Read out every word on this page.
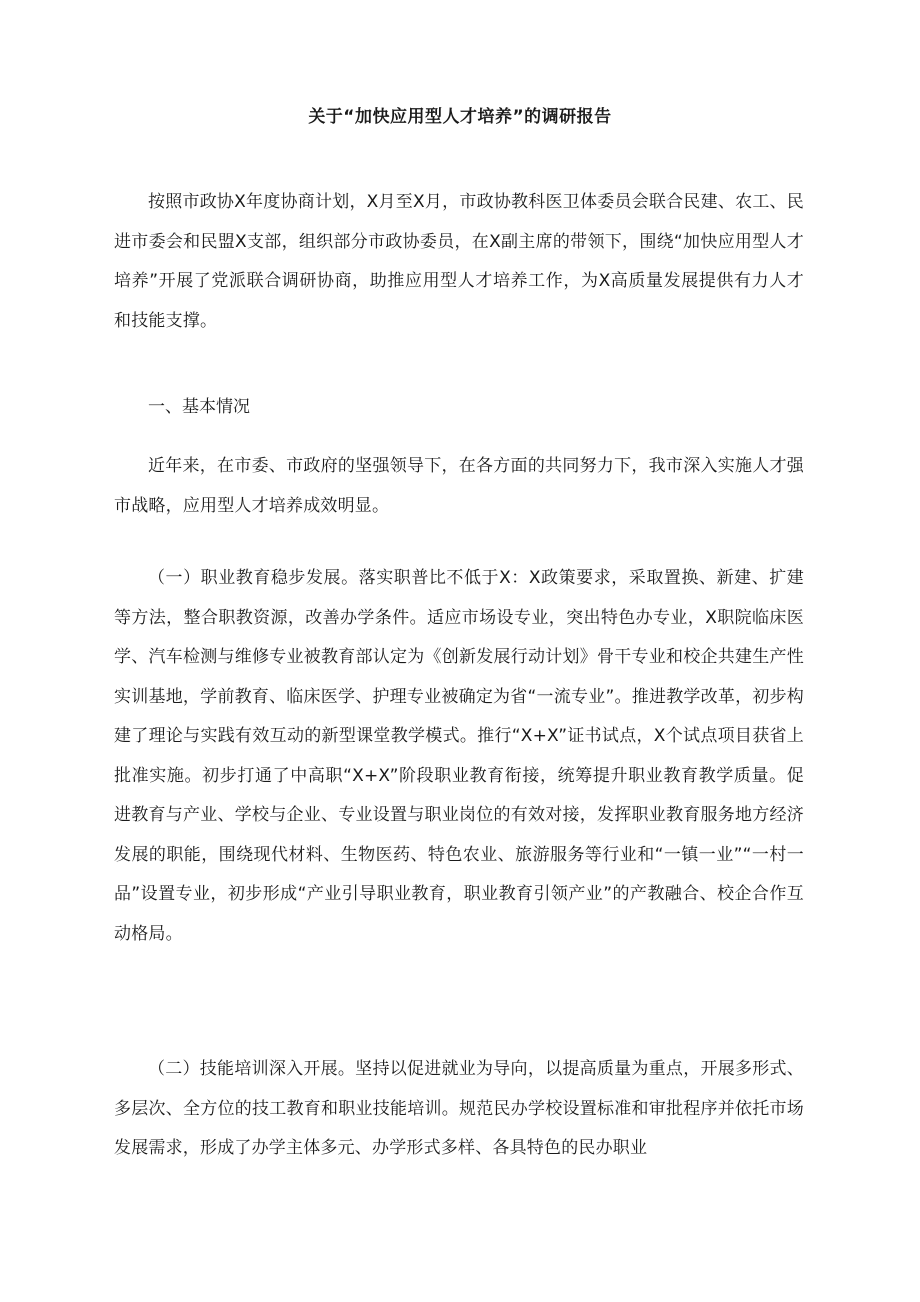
关于“加快应用型人才培养”的调研报告

按照市政协X年度协商计划，X月至X月，市政协教科医卫体委员会联合民建、农工、民进市委会和民盟X支部，组织部分市政协委员，在X副主席的带领下，围绕“加快应用型人才培养”开展了党派联合调研协商，助推应用型人才培养工作，为X高质量发展提供有力人才和技能支撑。

一、基本情况

近年来，在市委、市政府的坚强领导下，在各方面的共同努力下，我市深入实施人才强市战略，应用型人才培养成效明显。

（一）职业教育稳步发展。落实职普比不低于X：X政策要求，采取置换、新建、扩建等方法，整合职教资源，改善办学条件。适应市场设专业，突出特色办专业，X职院临床医学、汽车检测与维修专业被教育部认定为《创新发展行动计划》骨干专业和校企共建生产性实训基地，学前教育、临床医学、护理专业被确定为省“一流专业”。推进教学改革，初步构建了理论与实践有效互动的新型课堂教学模式。推行“X+X”证书试点，X个试点项目获省上批准实施。初步打通了中高职“X+X”阶段职业教育衔接，统筹提升职业教育教学质量。促进教育与产业、学校与企业、专业设置与职业岗位的有效对接，发挥职业教育服务地方经济发展的职能，围绕现代材料、生物医药、特色农业、旅游服务等行业和“一镇一业”“一村一品”设置专业，初步形成“产业引导职业教育，职业教育引领产业”的产教融合、校企合作互动格局。

（二）技能培训深入开展。坚持以促进就业为导向，以提高质量为重点，开展多形式、多层次、全方位的技工教育和职业技能培训。规范民办学校设置标准和审批程序并依托市场发展需求，形成了办学主体多元、办学形式多样、各具特色的民办职业
